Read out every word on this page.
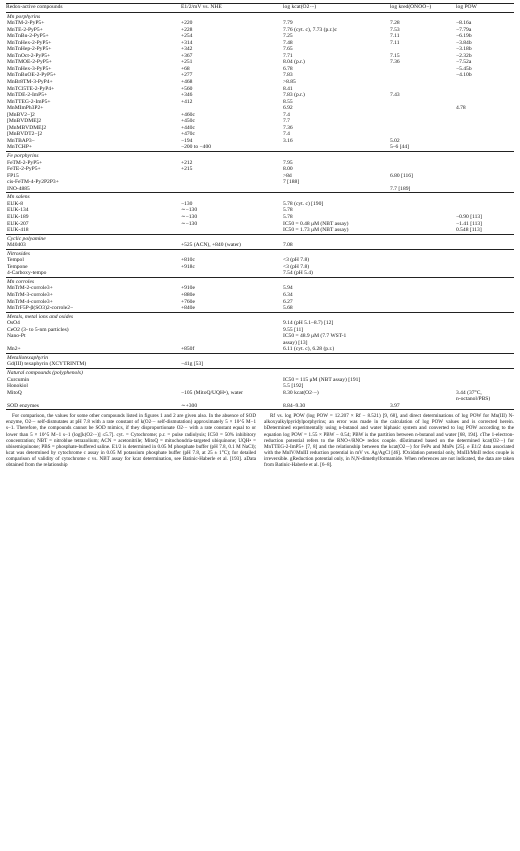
Redox-active compounds	E1/2/mV vs. NHE	log kcat(O2·−)	log kred(ONOO−)	log POW
Mn porphyrins				
MnTM-2-PyP5+	+220	7.79	7.28	−8.16a
MnTE-2-PyP5+	+228	7.76 (cyt. c), 7.73 (p.r.)c	7.53	−7.79a
MnTnBu-2-PyP5+	+254	7.25	7.11	−6.19b
MnTnHex-2-PyP5+	+314	7.48	7.11	−3.84b
MnTnHep-2-PyP5+	+342	7.65		−3.18b
MnTnOct-2-PyP5+	+367	7.71	7.15	−2.32b
MnTMOE-2-PyP5+	+251	8.04 (p.r.)	7.36	−7.52a
MnTnHex-3-PyP5+	+68	6.78		−5.45b
MnTnBuOE-2-PyP5+	+277	7.83		−4.10b
MnBr8TM-3-PyP4+	+468	>8.85		
MnTCl5TE-2-PyP4+	+560	8.41		
MnTDE-2-ImP5+	+346	7.83 (p.r.)	7.43	
MnTTEG-2-ImP5+	+412	8.55		
MnMImPh3P2+		6.92		4.78
[MnBV2−]2	+460c	7.4		
[MnBVDME]2	+450c	7.7		
[MnMBVDME]2	+440c	7.36		
[MnBVDT2−]2	+470c	7.4		
MnTBAP3−	−194	3.16	5.02	
MnTCHP+	−200 to −400		5–6 [44]	
Fe porphyrins				
FeTM-2-PyP5+	+212	7.95		
FeTE-2-PyP5+	+215	8.00		
FP15		>8d	6.80 [116]	
cis-FeTM-4-Py2P2P3+		7 [188]		
INO-4885			7.7 [189]	
Mn salens				
EUK-8	−130	5.78 (cyt. c) [190]		
EUK-134	∼−130	5.78		
EUK-189	∼−130	5.78		−0.90 [113]
EUK-207	∼−130	IC50 = 0.48 μM (NBT assay)		−1.41 [113]
EUK-418		IC50 = 1.73 μM (NBT assay)		0.548 [113]
Cyclic polyamine				
M40403	+525 (ACN), +840 (water)	7.08		
Nitroxides				
Tempol	+810c	<3 (pH 7.8)		
Tempone	+918c	<3 (pH 7.8)		
4-Carboxy-tempo		7.54 (pH 5.4)		
Mn corroles				
MnTrM-2-corrole3+	+910e	5.94		
MnTrM-3-corrole3+	+880e	6.34		
MnTrM-4-corrole3+	+760e	6.27		
MnTrF5P-β(SO3)2-corrole2−	+840e	5.68		
Metals, metal ions and oxides				
OsO4		9.14 (pH 5.1–8.7) [12]		
CeO2 (3- to 5-nm particles)		9.55 [11]		
Nano-Pt		IC50 = 48.9 μM (7.7 WST-1		
		assay) [13]		
Mn2+	+850f	6.11 (cyt. c), 6.28 (p.r.)		
Metallotexaphyrin				
Gd(III) texaphyrin (XCYTRINTM)	−41g [53]			
Natural compounds (polyphenols)				
Curcumin		IC50 = 115 μM (NBT assay) [191]		
Honokiol		5.5 [192]		
MitoQ	−105 (MitoQ/UQH•), water	8.30 kcat(O2·−)		3.44 (37°C,
				n-octanol/PBS)
SOD enzymes	∼+300	8.84–9.30	3.97	

For comparison, the values for some other compounds listed in figures 1 and 2 are given also. In the absence of SOD enzyme, O2·− self-dismutates at pH 7.8 with a rate constant of k(O2·− self-dismutation) approximately 5 × 10^5 M−1 s−1. Therefore, the compounds cannot be SOD mimics, if they disproportionate O2·− with a rate constant equal to or lower than 5 × 10^5 M−1 s−1 (log[k(O2·−)] ≤5.7]. cyt. = Cytochrome; p.r. = pulse radiolysis; IC50 = 50% inhibitory concentration; NBT = nitroblue tetrazolium; ACN = acetonitrile; MitoQ = mitochondria-targeted ubiquinone; UQH• = ubisemiquinone; PBS = phosphate-buffered saline. E1/2 is determined in 0.05 M phosphate buffer (pH 7.8, 0.1 M NaCl); kcat was determined by cytochrome c assay in 0.05 M potassium phosphate buffer (pH 7.8, at 25 ± 1°C); for detailed comparison of validity of cytochrome c vs. NBT assay for kcat determination, see Batinic-Haberle et al. [193]. aData obtained from the relationship

Rf vs. log POW (log POW = 12.207 × Rf − 8.521) [9, 68], and direct determinations of log POW for Mn(III) N-alkoxyalkylpyridylporphyrins; an error was made in the calculation of log POW values and is corrected herein. bDetermined experimentally using n-butanol and water biphasic system and converted to log POW according to the equation log POW = 1.55 × PBW − 0.54; PBW is the partition between n-butanol and water [68, 194]. cThe 1-electron-reduction potential refers to the RNO+/RNO• redox couple. dEstimated based on the determined kcat(O2·−) for MnTTEG-2-ImP5+ [7, 8] and the relationship between the kcat(O2·−) for FePs and MnPs [25]. e E1/2 data associated with the MnIV/MnIII reduction potential in mV vs. Ag/AgCl [46]. fOxidation potential only, MnIII/MnII redox couple is irreversible. gReduction potential only, in N,N-dimethylformamide. When references are not indicated, the data are taken from Batinic-Haberle et al. [6–8].
